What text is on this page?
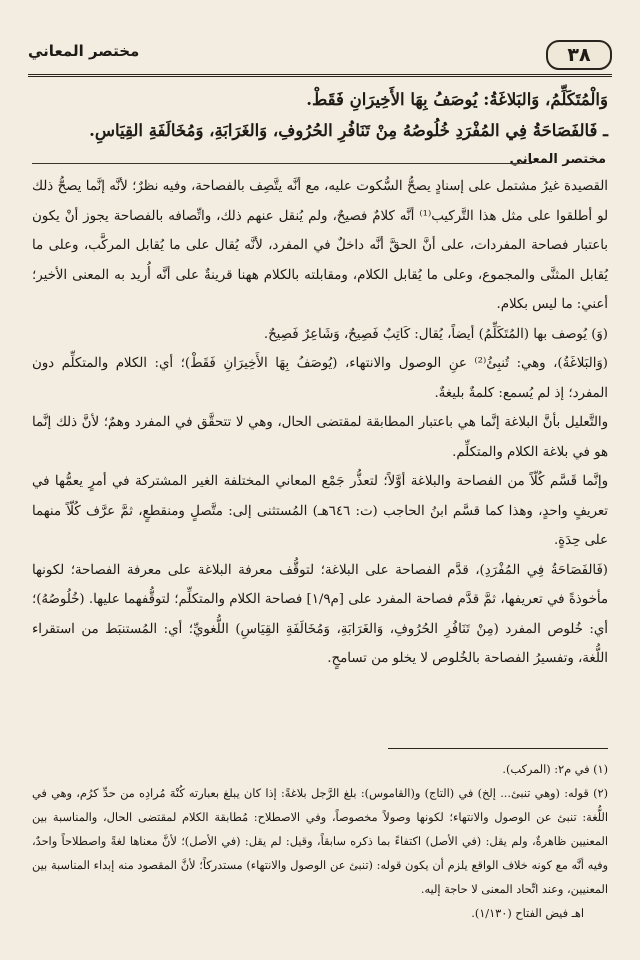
٣٨
مختصر المعاني

وَالْمُتَكَلِّمُ، وَالبَلاغَةُ: يُوصَفُ بِهَا الأَخِيرَانِ فَقَطْ.

ـ فَالفَصَاحَةُ فِي المُفْرَدِ خُلُوصُهُ مِنْ تَنَافُرِ الحُرُوفِ، وَالغَرَابَةِ، وَمُخَالَفَةِ القِيَاسِ.

مختصر المعاني

القصيدة غيرُ مشتمل على إسنادٍ يصحُّ السُّكوت عليه، مع أنَّه يتَّصِف بالفصاحة، وفيه نظرٌ؛ لأنَّه إنَّما يصحُّ ذلك لو أطلقوا على مثل هذا التَّركيب⁽¹⁾ أنَّه كلامٌ فصيحٌ، ولم يُنقل عنهم ذلك، واتِّصافه بالفصاحة يجوز أنْ يكون باعتبار فصاحة المفردات، على أنَّ الحقَّ أنَّه داخلٌ في المفرد، لأنَّه يُقال على ما يُقابل المركَّب، وعلى ما يُقابل المثنَّى والمجموع، وعلى ما يُقابل الكلام، ومقابلته بالكلام ههنا قرينةٌ على أنَّه أُريد به المعنى الأخير؛ أعني: ما ليس بكلام.

(وَ) يُوصف بها (المُتَكَلِّمُ) أيضاً، يُقال: كَاتِبٌ فَصِيحٌ، وَشَاعِرٌ فَصِيحٌ.

(وَالبَلاغَةُ)، وهي: تُنبِئُ⁽²⁾ عنِ الوصول والانتهاء، (يُوصَفُ بِهَا الأَخِيرَانِ فَقَطْ)؛ أي: الكلام والمتكلِّم دون المفرد؛ إذ لم يُسمع: كلمةٌ بليغةٌ.

والتَّعليل بأنَّ البلاغة إنَّما هي باعتبار المطابقة لمقتضى الحال، وهي لا تتحقَّق في المفرد وهمٌ؛ لأنَّ ذلك إنَّما هو في بلاغة الكلام والمتكلِّم.

وإنَّما قَسَّم كُلّاً من الفصاحة والبلاغة أوَّلاً؛ لتعذُّر جَمْع المعاني المختلفة الغير المشتركة في أمرٍ يعمُّها في تعريفٍ واحدٍ، وهذا كما قسَّم ابنُ الحاجب (ت: ٦٤٦هـ) المُستثنى إلى: متَّصلٍ ومنقطعٍ، ثمَّ عرَّف كُلّاً منهما على حِدَةٍ.

(فَالفَصَاحَةُ فِي المُفْرَدِ)، قدَّم الفصاحة على البلاغة؛ لتوقُّف معرفة البلاغة على معرفة الفصاحة؛ لكونها مأخوذةً في تعريفها، ثمَّ قدَّم فصاحة المفرد على [م١/٩] فصاحة الكلام والمتكلِّم؛ لتوقُّفهما عليها. (خُلُوصُهُ)؛ أي: خُلوص المفرد (مِنْ تَنَافُرِ الحُرُوفِ، وَالغَرَابَةِ، وَمُخَالَفَةِ القِيَاسِ) اللُّغويِّ؛ أي: المُستنبَط من استقراء اللُّغة، وتفسيرُ الفصاحة بالخُلوص لا يخلو من تسامحٍ.

(١) في م٢: (المركب).

(٢) قوله: (وهي تنبئ... إلخ) في (التاج) و(القاموس): بلغ الرَّجل بلاغةً: إذا كان يبلغ بعبارته كُنْهَ مُرادِه من حدِّ كرُم، وهي في اللُّغة: تنبئ عن الوصول والانتهاء؛ لكونها وصولاً مخصوصاً، وفي الاصطلاح: مُطابقة الكلام لمقتضى الحال، والمناسبة بين المعنيين ظاهرةٌ، ولم يقل: (في الأصل) اكتفاءً بما ذكره سابقاً، وقيل: لم يقل: (في الأصل)؛ لأنَّ معناها لغةً واصطلاحاً واحدٌ، وفيه أنَّه مع كونه خلاف الواقع يلزم أن يكون قوله: (تنبئ عن الوصول والانتهاء) مستدركاً؛ لأنَّ المقصود منه إبداء المناسبة بين المعنيين، وعند اتِّحاد المعنى لا حاجة إليه.

اهـ فيض الفتاح (١/١٣٠).
